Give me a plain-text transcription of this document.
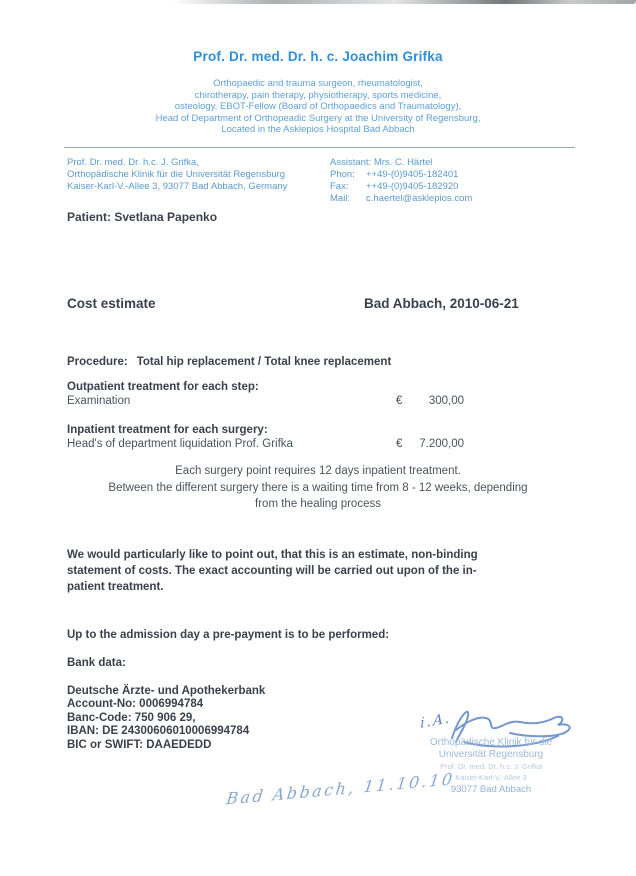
Prof. Dr. med. Dr. h. c. Joachim Grifka
Orthopaedic and trauma surgeon, rheumatologist,
chirotherapy, pain therapy, physiotherapy, sports medicine,
osteology, EBOT-Fellow (Board of Orthopaedics and Traumatology),
Head of Department of Orthopeadic Surgery at the University of Regensburg,
Located in the Asklepios Hospital Bad Abbach
Prof. Dr. med. Dr. h.c. J. Grifka,
Orthopädische Klinik für die Universität Regensburg
Kaiser-Karl-V.-Allee 3, 93077 Bad Abbach, Germany
Assistant: Mrs. C. Härtel
Phon:	++49-(0)9405-182401
Fax:	++49-(0)9405-182920
Mail:	c.haertel@asklepios.com
Patient: Svetlana Papenko
Cost estimate	Bad Abbach, 2010-06-21
Procedure: Total hip replacement / Total knee replacement
Outpatient treatment for each step:
Examination	€	300,00
Inpatient treatment for each surgery:
Head's of department liquidation Prof. Grifka	€	7.200,00
Each surgery point requires 12 days inpatient treatment.
Between the different surgery there is a waiting time from 8 - 12 weeks, depending
from the healing process
We would particularly like to point out, that this is an estimate, non-binding
statement of costs. The exact accounting will be carried out upon of the in-
patient treatment.
Up to the admission day a pre-payment is to be performed:
Bank data:
Deutsche Ärzte- und Apothekerbank
Account-No: 0006994784
Banc-Code: 750 906 29,
IBAN: DE 24300606010006994784
BIC or SWIFT: DAAEDEDD
i.A.
Orthopädische Klinik für die
Universität Regensburg
Prof. Dr. med. Dr. h.c. J. Grifka
Kaiser-Karl-V.-Allee 3
93077 Bad Abbach
Bad Abbach, 11.10.10
